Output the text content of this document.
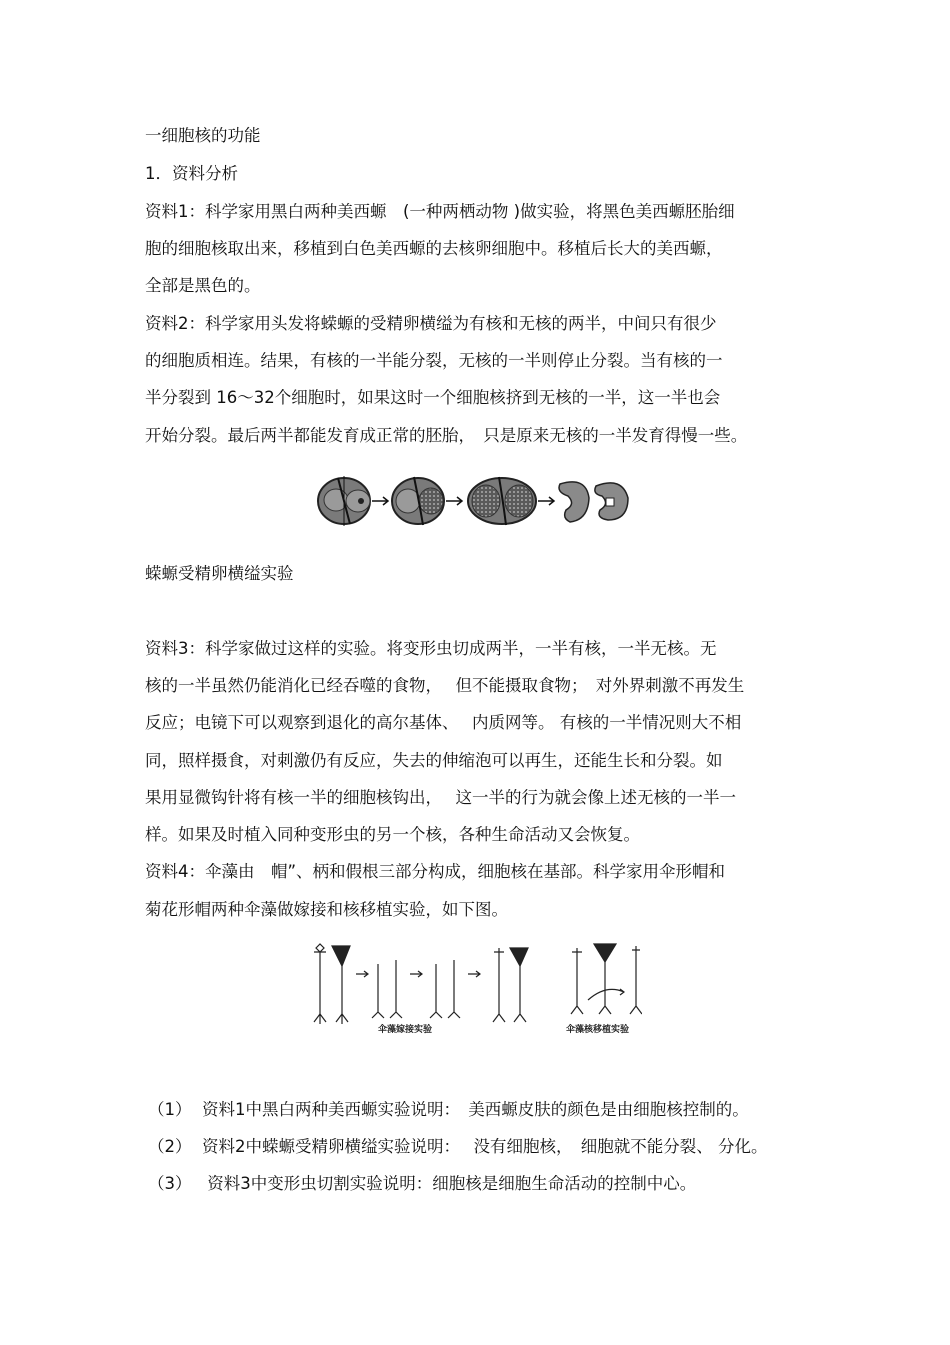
一细胞核的功能
1．资料分析
资料1：科学家用黑白两种美西螈　(一种两栖动物 )做实验，将黑色美西螈胚胎细
胞的细胞核取出来，移植到白色美西螈的去核卵细胞中。移植后长大的美西螈，
全部是黑色的。
资料2：科学家用头发将蝾螈的受精卵横缢为有核和无核的两半，中间只有很少
的细胞质相连。结果，有核的一半能分裂，无核的一半则停止分裂。当有核的一
半分裂到 16～32个细胞时，如果这时一个细胞核挤到无核的一半，这一半也会
开始分裂。最后两半都能发育成正常的胚胎，　只是原来无核的一半发育得慢一些。
蝾螈受精卵横缢实验
资料3：科学家做过这样的实验。将变形虫切成两半，一半有核，一半无核。无
核的一半虽然仍能消化已经吞噬的食物，　 但不能摄取食物；　对外界刺激不再发生
反应；电镜下可以观察到退化的高尔基体、　 内质网等。 有核的一半情况则大不相
同，照样摄食，对刺激仍有反应，失去的伸缩泡可以再生，还能生长和分裂。如
果用显微钩针将有核一半的细胞核钩出，　 这一半的行为就会像上述无核的一半一
样。如果及时植入同种变形虫的另一个核，各种生命活动又会恢复。
资料4：伞藻由　帽”、柄和假根三部分构成，细胞核在基部。科学家用伞形帽和
菊花形帽两种伞藻做嫁接和核移植实验，如下图。
伞藻嫁接实验	伞藻核移植实验
（1）  资料1中黑白两种美西螈实验说明：　美西螈皮肤的颜色是由细胞核控制的。
（2）  资料2中蝾螈受精卵横缢实验说明：　 没有细胞核，　细胞就不能分裂、 分化。
（3）   资料3中变形虫切割实验说明：细胞核是细胞生命活动的控制中心。
